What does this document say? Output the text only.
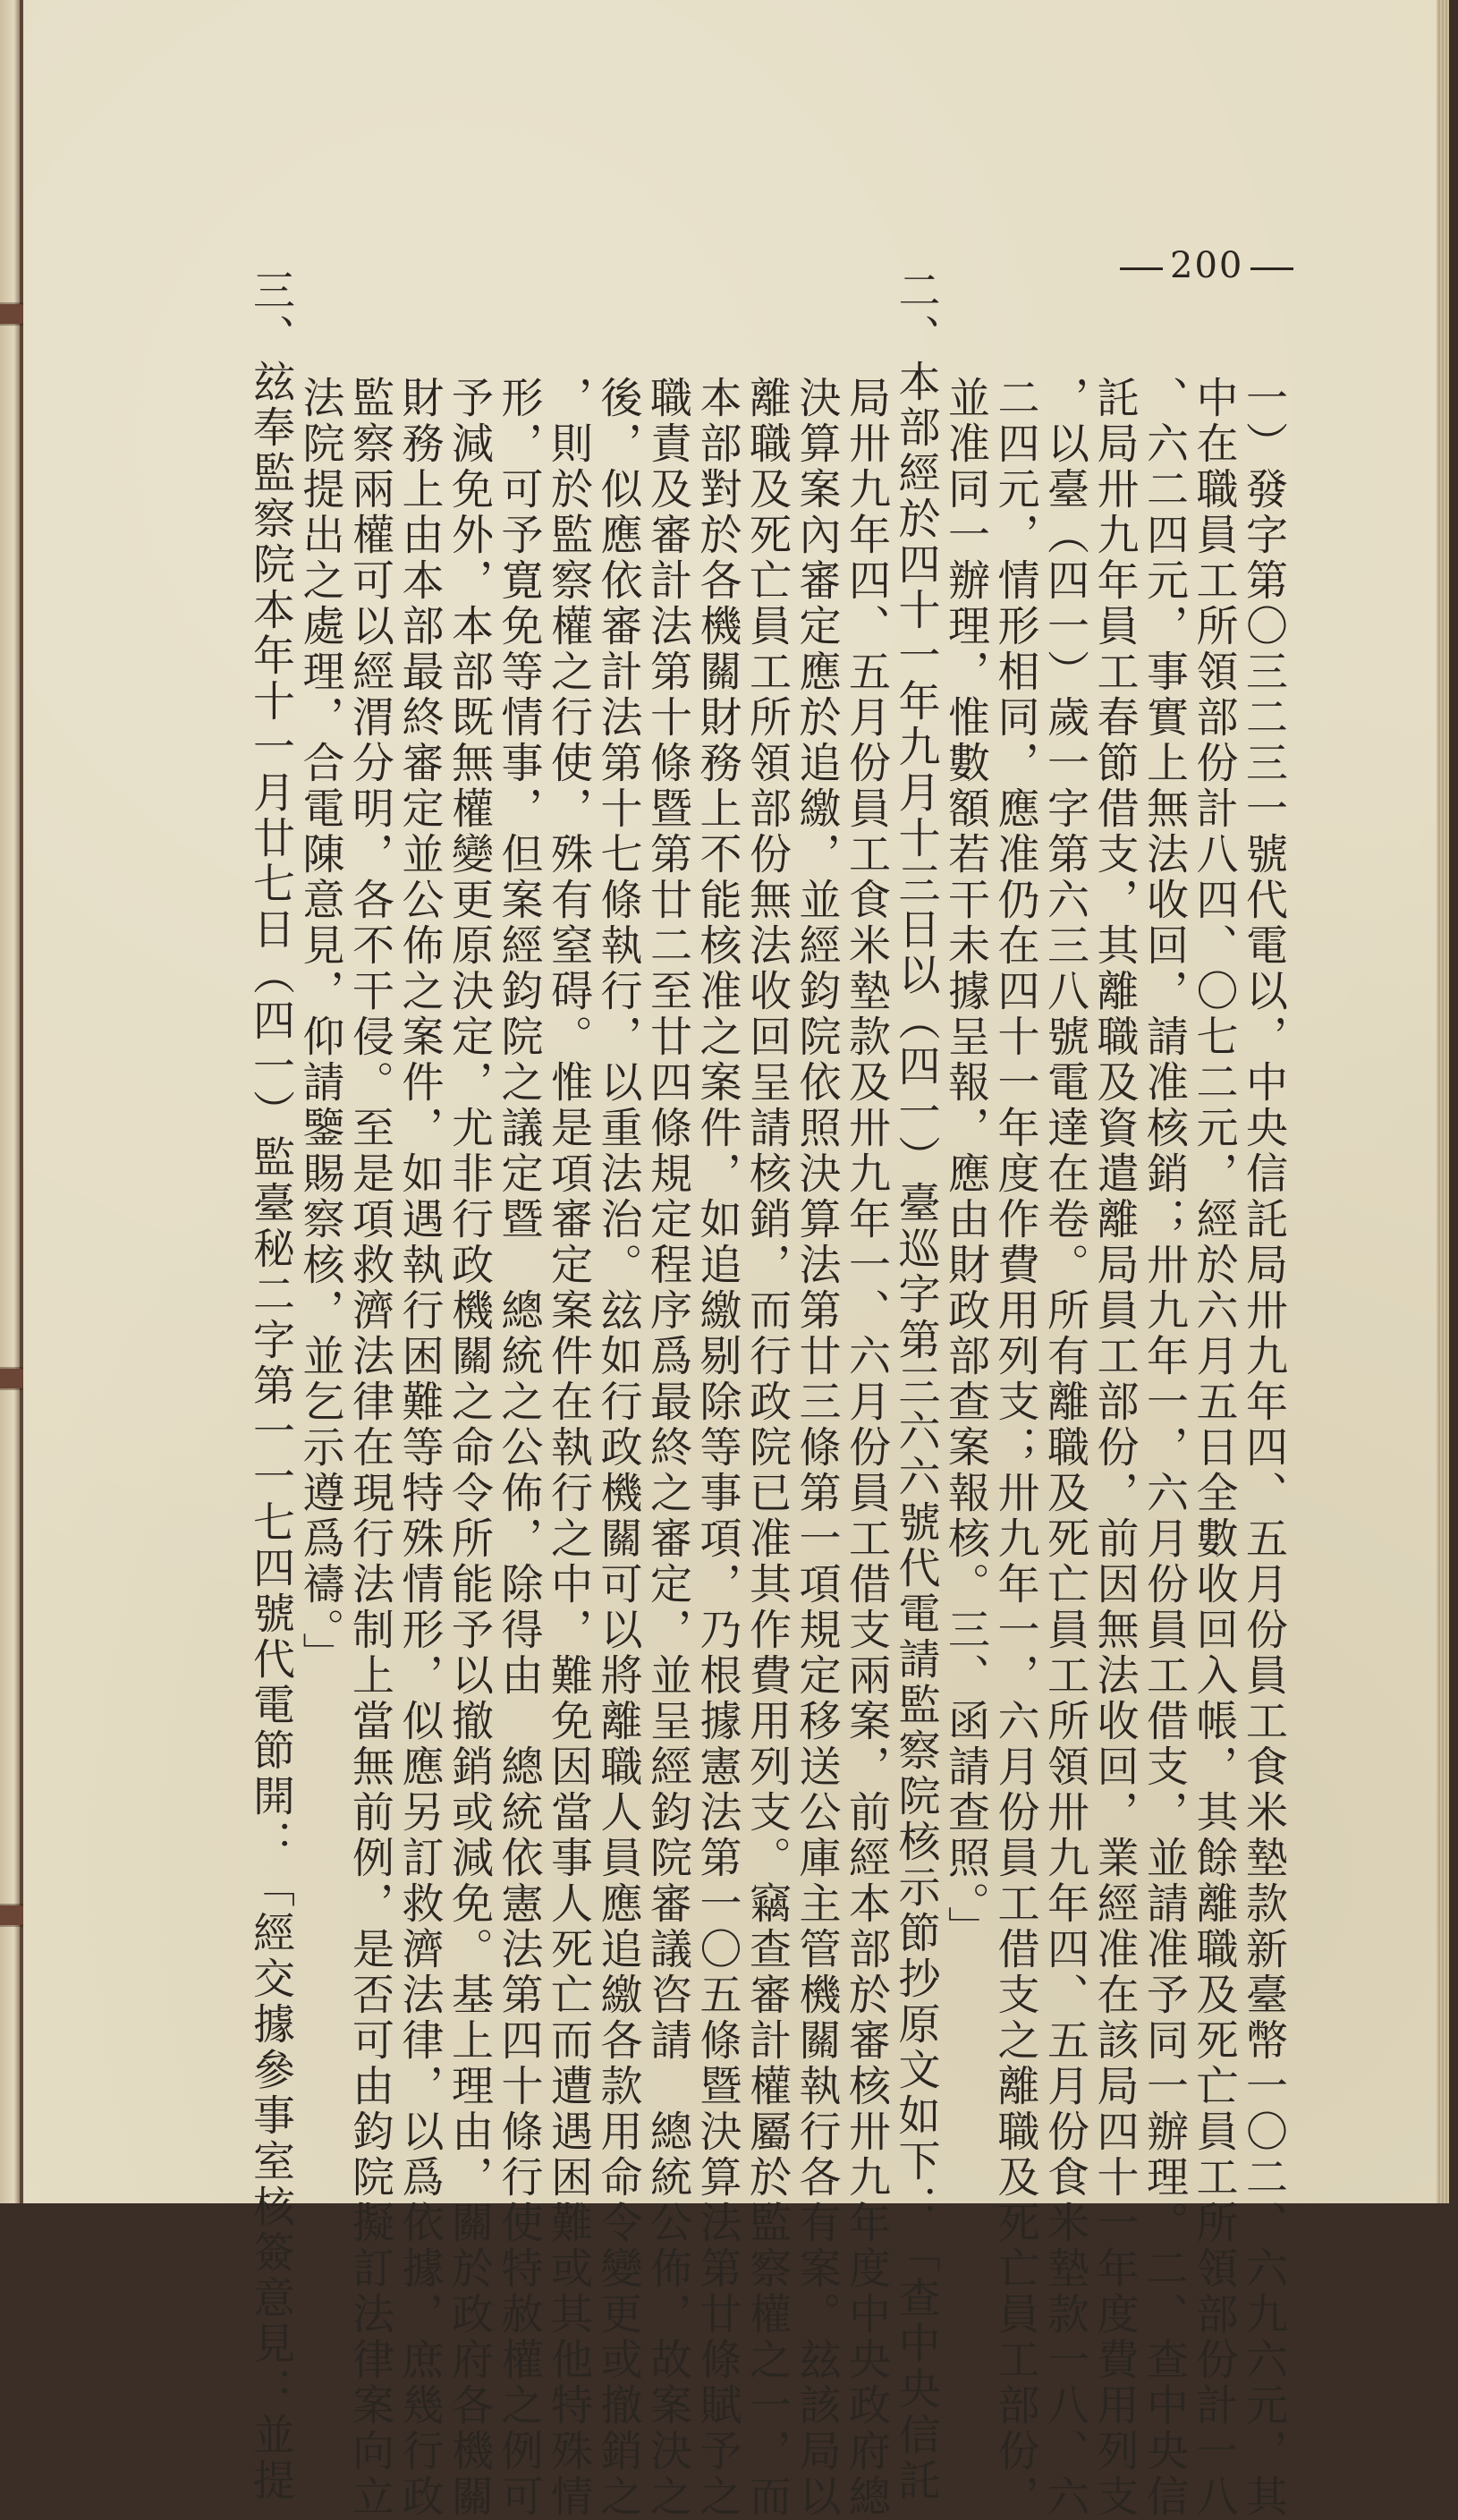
200
一）發字第〇三二三一號代電以，中央信託局卅九年四、五月份員工食米墊款新臺幣一〇二、六九六元，其
中在職員工所領部份計八四、〇七二元，經於六月五日全數收回入帳，其餘離職及死亡員工所領部份計一八
、六二四元，事實上無法收回，請准核銷；卅九年一，六月份員工借支，並請准予同一辦理。二、查中央信
託局卅九年員工春節借支，其離職及資遣離局員工部份，前因無法收回，業經准在該局四十一年度費用列支
，以臺（四一）歲一字第六三八號電達在卷。所有離職及死亡員工所領卅九年四、五月份食米墊款一八、六
二四元，情形相同，應准仍在四十一年度作費用列支；卅九年一，六月份員工借支之離職及死亡員工部份，
並准同一辦理，惟數額若干未據呈報，應由財政部查案報核。三、函請查照。」
二、本部經於四十一年九月十三日以（四一）臺巡字第三六六號代電請監察院核示節抄原文如下：「查中央信託
局卅九年四、五月份員工食米墊款及卅九年一、六月份員工借支兩案，前經本部於審核卅九年度中央政府總
決算案內審定應於追繳，並經鈞院依照決算法第廿三條第一項規定移送公庫主管機關執行各有案。玆該局以
離職及死亡員工所領部份無法收回呈請核銷，而行政院已准其作費用列支。竊查審計權屬於監察權之一，而
本部對於各機關財務上不能核准之案件，如追繳剔除等事項，乃根據憲法第一〇五條暨決算法第廿條賦予之
職責及審計法第十條暨第廿二至廿四條規定程序爲最終之審定，並呈經鈞院審議咨請　總統公佈，故案決之
後，似應依審計法第十七條執行，以重法治。玆如行政機關可以將離職人員應追繳各款用命令變更或撤銷之
，則於監察權之行使，殊有窒碍。惟是項審定案件在執行之中，難免因當事人死亡而遭遇困難或其他特殊情
形，可予寛免等情事，但案經鈞院之議定暨　總統之公佈，除得由　總統依憲法第四十條行使特赦權之例可
予減免外，本部既無權變更原決定，尤非行政機關之命令所能予以撤銷或減免。基上理由，關於政府各機關
財務上由本部最終審定並公佈之案件，如遇執行困難等特殊情形，似應另訂救濟法律，以爲依據，庶幾行政
監察兩權可以經渭分明，各不干侵。至是項救濟法律在現行法制上當無前例，是否可由鈞院擬訂法律案向立
法院提出之處理，合電陳意見，仰請鑒賜察核，並乞示遵爲禱。」
三、玆奉監察院本年十一月廿七日（四一）監臺秘二字第一一七四號代電節開：「經交據參事室核簽意見：並提
